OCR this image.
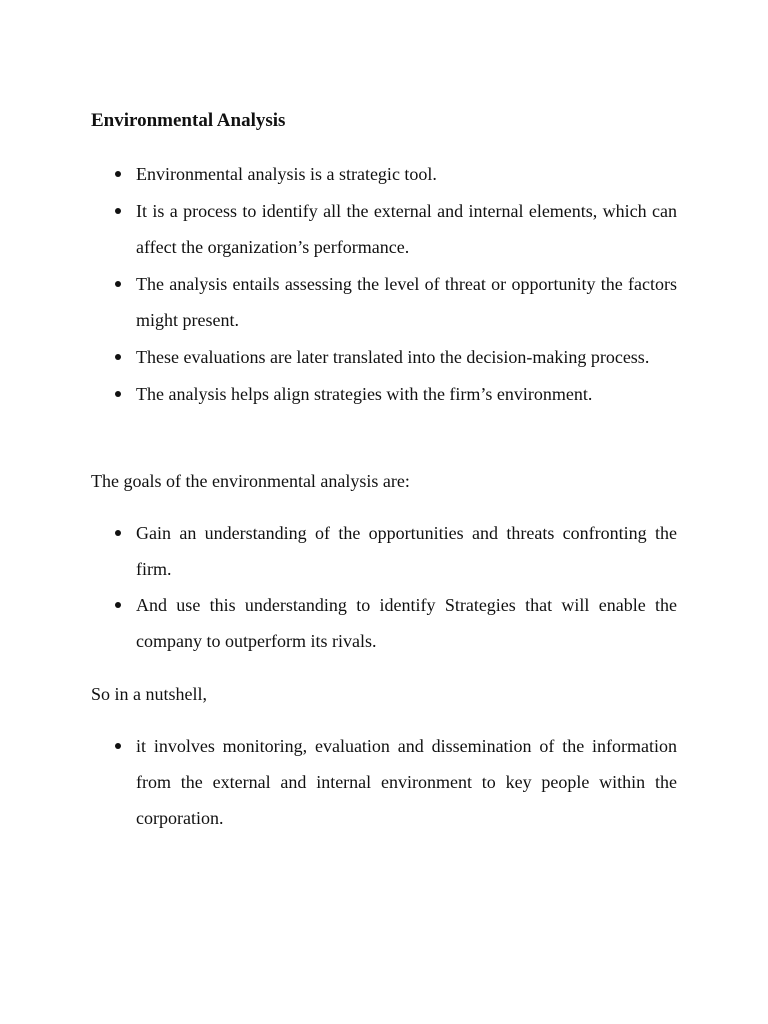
Environmental Analysis
Environmental analysis is a strategic tool.
It is a process to identify all the external and internal elements, which can affect the organization’s performance.
The analysis entails assessing the level of threat or opportunity the factors might present.
These evaluations are later translated into the decision-making process.
The analysis helps align strategies with the firm’s environment.

The goals of the environmental analysis are:

Gain an understanding of the opportunities and threats confronting the firm.
And use this understanding to identify Strategies that will enable the company to outperform its rivals.

So in a nutshell,

it involves monitoring, evaluation and dissemination of the information from the external and internal environment to key people within the corporation.
